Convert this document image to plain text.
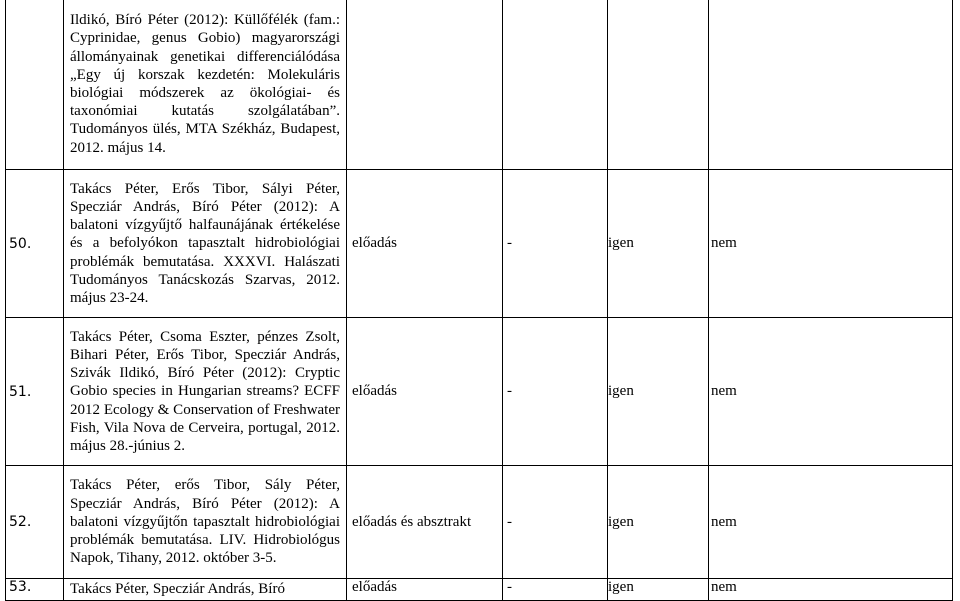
	Ildikó, Bíró Péter (2012): Küllőfélék (fam.: Cyprinidae, genus Gobio) magyarországi állományainak genetikai differenciálódása „Egy új korszak kezdetén: Molekuláris biológiai módszerek az ökológiai- és taxonómiai kutatás szolgálatában”. Tudományos ülés, MTA Székház, Budapest, 2012. május 14.				

50.	Takács Péter, Erős Tibor, Sályi Péter, Specziár András, Bíró Péter (2012): A balatoni vízgyűjtő halfaunájának értékelése és a befolyókon tapasztalt hidrobiológiai problémák bemutatása. XXXVI. Halászati Tudományos Tanácskozás Szarvas, 2012. május 23-24.	előadás	-	igen	nem
51.	Takács Péter, Csoma Eszter, pénzes Zsolt, Bihari Péter, Erős Tibor, Specziár András, Szivák Ildikó, Bíró Péter (2012): Cryptic Gobio species in Hungarian streams? ECFF 2012 Ecology & Conservation of Freshwater Fish, Vila Nova de Cerveira, portugal, 2012. május 28.-június 2.	előadás	-	igen	nem
52.	Takács Péter, erős Tibor, Sály Péter, Specziár András, Bíró Péter (2012): A balatoni vízgyűjtőn tapasztalt hidrobiológiai problémák bemutatása. LIV. Hidrobiológus Napok, Tihany, 2012. október 3-5.	előadás és absztrakt	-	igen	nem
53.	Takács Péter, Specziár András, Bíró	előadás	-	igen	nem
